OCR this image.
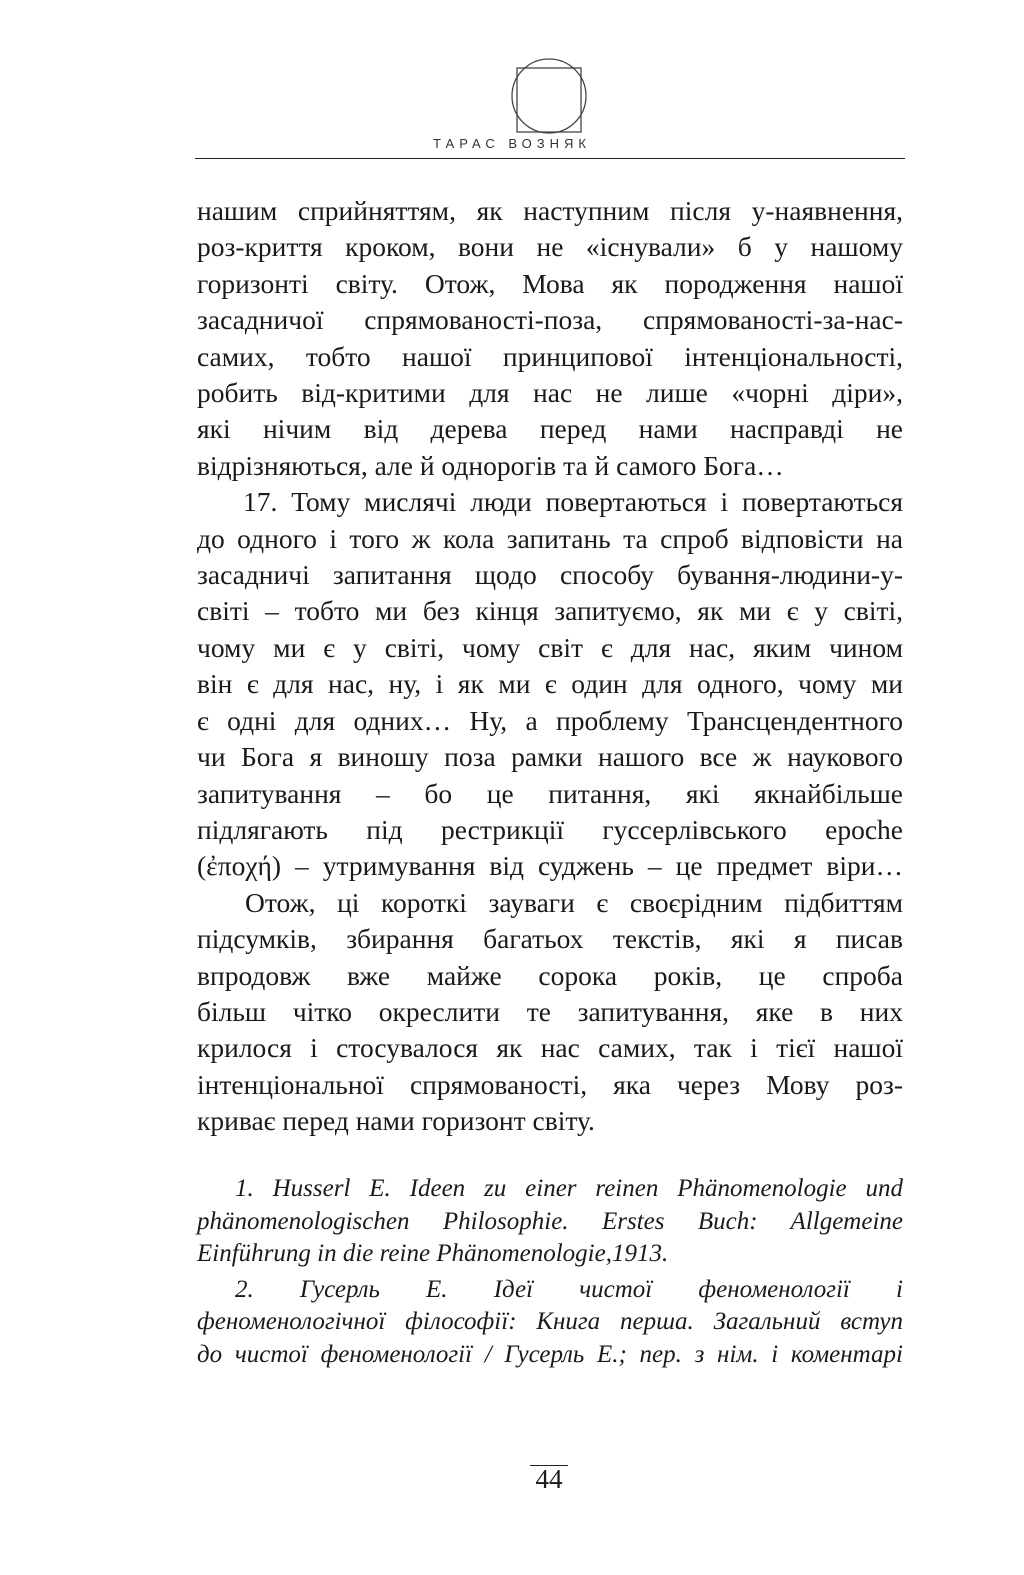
ТАРАС ВОЗНЯК

нашим сприйняттям, як наступним після у-наявнення,
роз-криття кроком, вони не «існували» б у нашому
горизонті світу. Отож, Мова як породження нашої
засадничої спрямованості-поза, спрямованості-за-нас-
самих, тобто нашої принципової інтенціональності,
робить від-критими для нас не лише «чорні діри»,
які нічим від дерева перед нами насправді не
відрізняються, але й однорогів та й самого Бога…

17. Тому мислячі люди повертаються і повертаються
до одного і того ж кола запитань та спроб відповісти на
засадничі запитання щодо способу бування-людини-у-
світі – тобто ми без кінця запитуємо, як ми є у світі,
чому ми є у світі, чому світ є для нас, яким чином
він є для нас, ну, і як ми є один для одного, чому ми
є одні для одних… Ну, а проблему Трансцендентного
чи Бога я виношу поза рамки нашого все ж наукового
запитування – бо це питання, які якнайбільше
підлягають під рестрикції гуссерлівського epoche
(ἐποχή) – утримування від суджень – це предмет віри…

Отож, ці короткі зауваги є своєрідним підбиттям
підсумків, збирання багатьох текстів, які я писав
впродовж вже майже сорока років, це спроба
більш чітко окреслити те запитування, яке в них
крилося і стосувалося як нас самих, так і тієї нашої
інтенціональної спрямованості, яка через Мову роз-
криває перед нами горизонт світу.

1. Husserl E. Ideen zu einer reinen Phänomenologie und
phänomenologischen Philosophie. Erstes Buch: Allgemeine
Einführung in die reine Phänomenologie,1913.
2. Гусерль Е. Ідеї чистої феноменології і
феноменологічної філософії: Книга перша. Загальний вступ
до чистої феноменології / Гусерль Е.; пер. з нім. і коментарі
44
